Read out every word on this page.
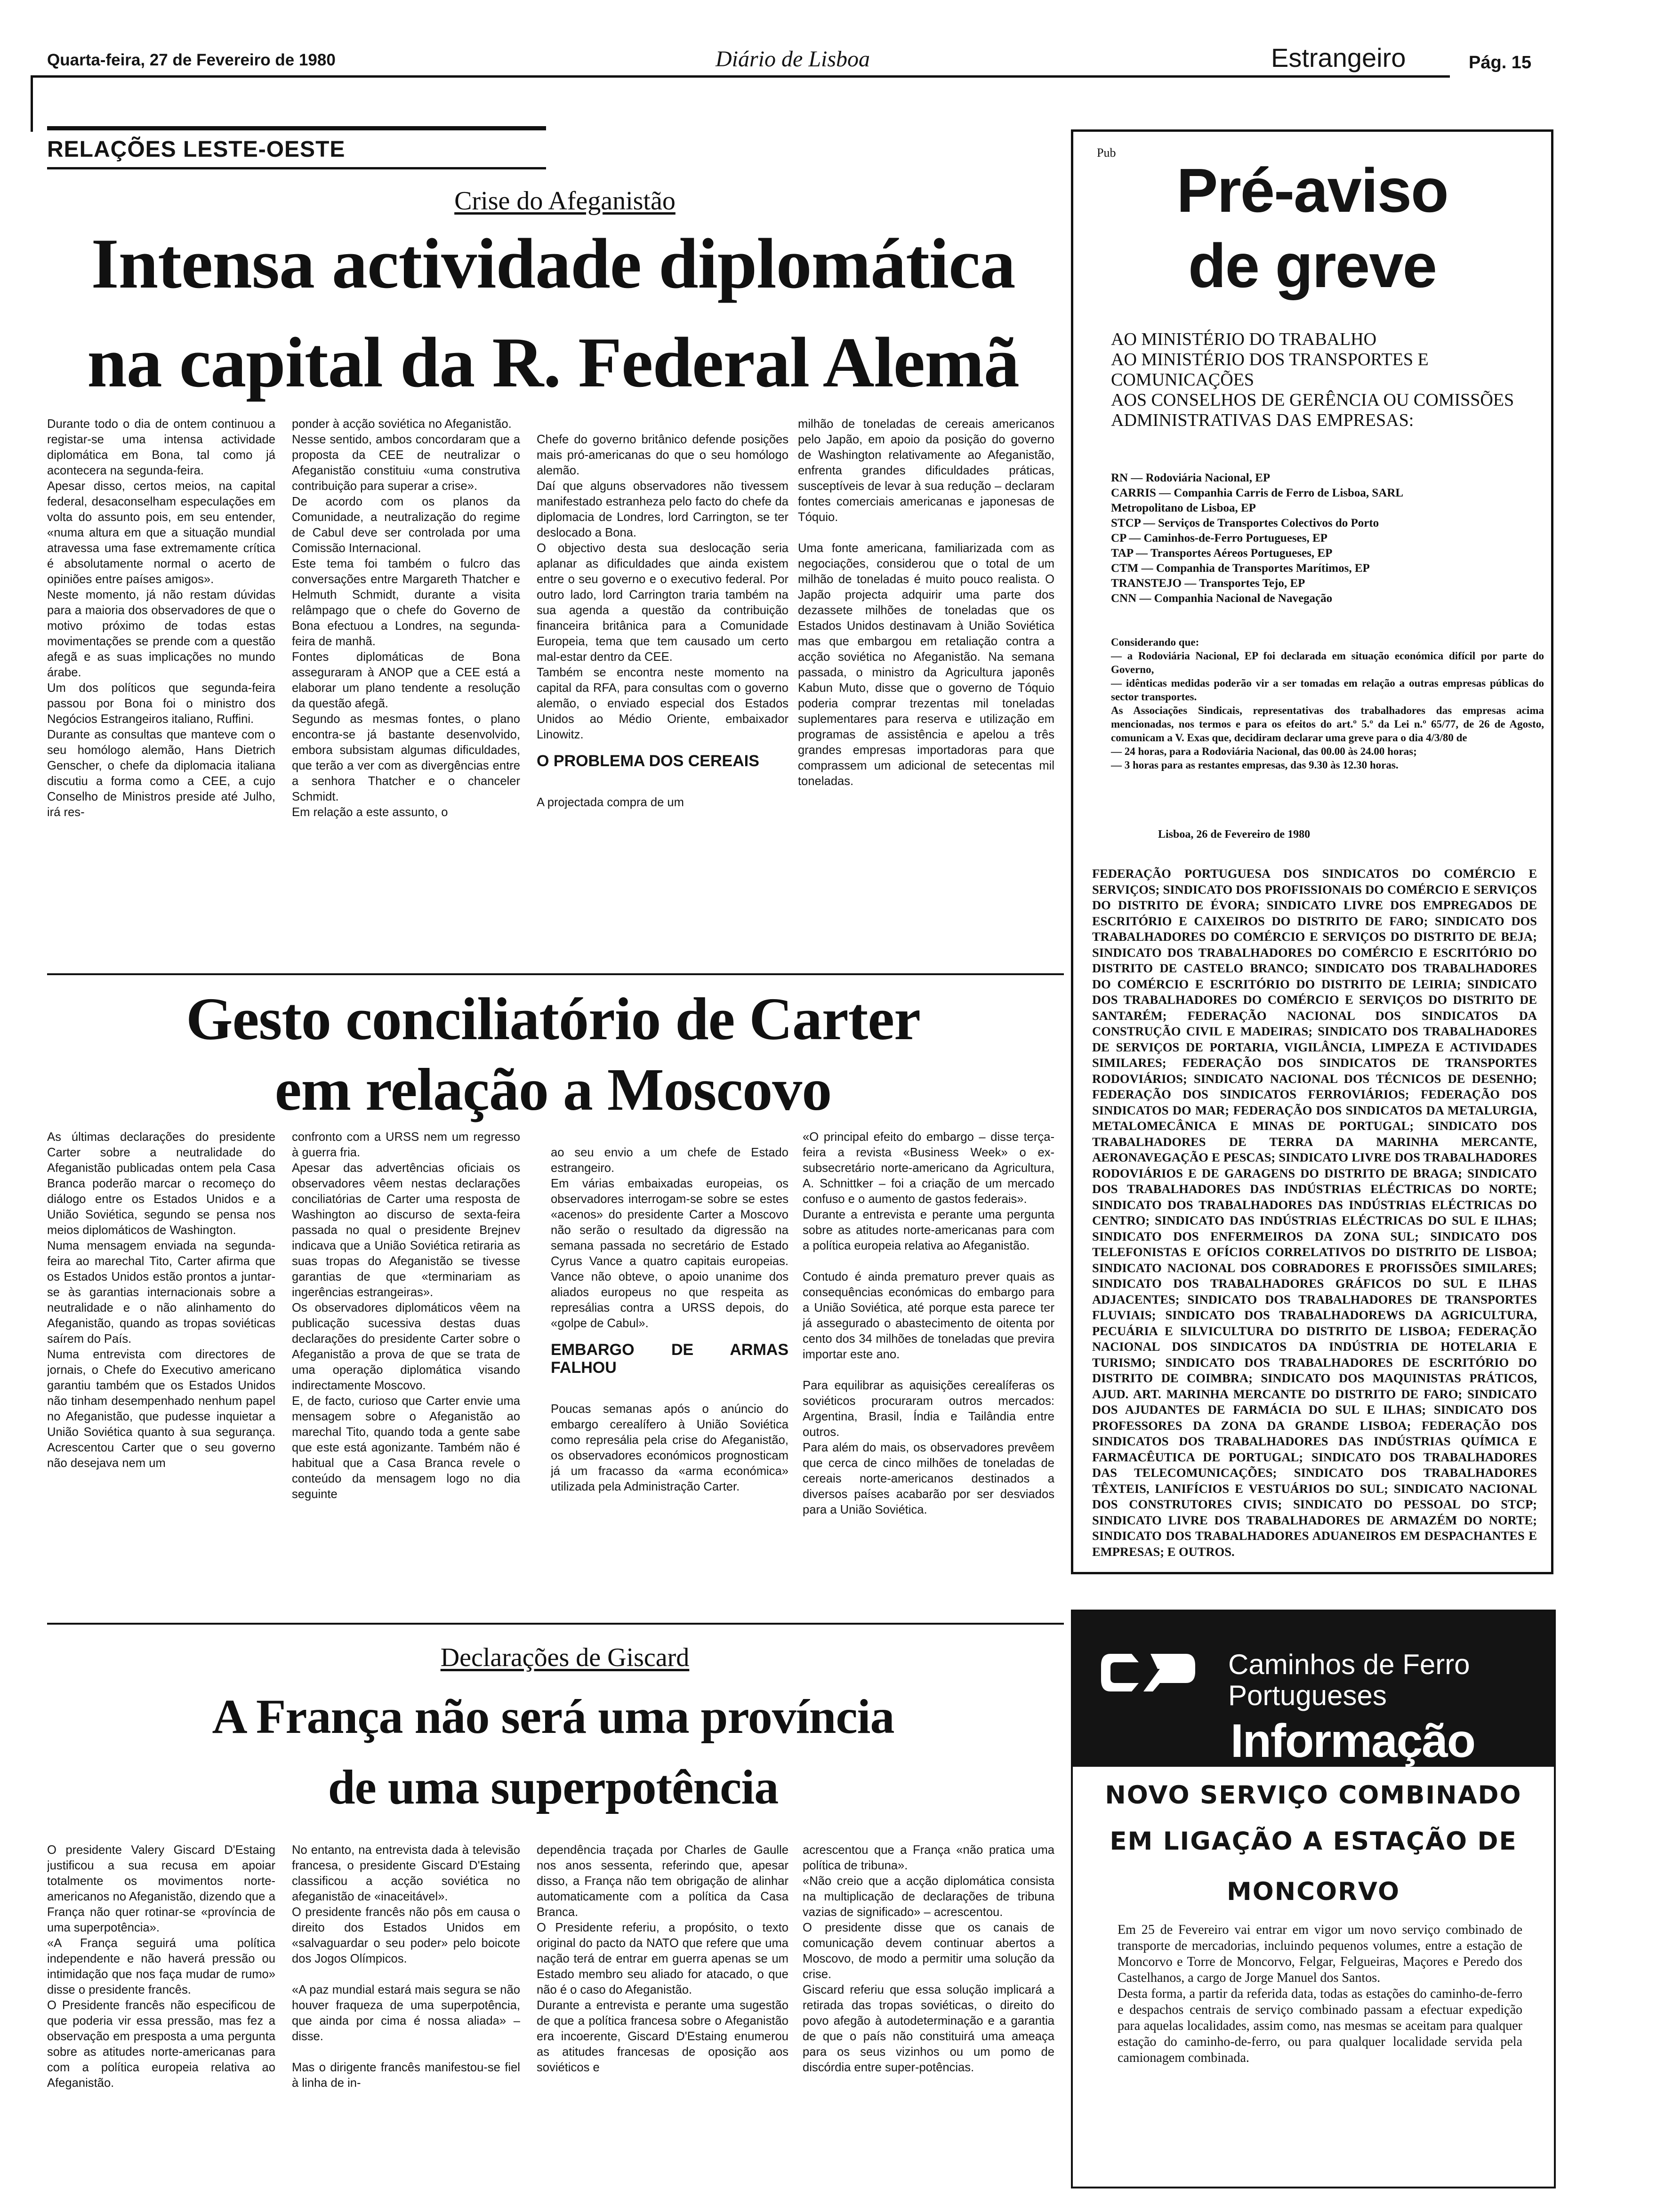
Quarta-feira, 27 de Fevereiro de 1980	Diário de Lisboa	Estrangeiro	Pág. 15
RELAÇÕES LESTE-OESTE
Crise do Afeganistão
Intensa actividade diplomática
na capital da R. Federal Alemã
Durante todo o dia de ontem continuou a registar-se uma intensa actividade diplomática em Bona, tal como já acontecera na segunda-feira.
Apesar disso, certos meios, na capital federal, desaconselham especulações em volta do assunto pois, em seu entender, «numa altura em que a situação mundial atravessa uma fase extremamente crítica é absolutamente normal o acerto de opiniões entre países amigos».
Neste momento, já não restam dúvidas para a maioria dos observadores de que o motivo próximo de todas estas movimentações se prende com a questão afegã e as suas implicações no mundo árabe.
Um dos políticos que segunda-feira passou por Bona foi o ministro dos Negócios Estrangeiros italiano, Ruffini.
Durante as consultas que manteve com o seu homólogo alemão, Hans Dietrich Genscher, o chefe da diplomacia italiana discutiu a forma como a CEE, a cujo Conselho de Ministros preside até Julho, irá res-
ponder à acção soviética no Afeganistão.
Nesse sentido, ambos concordaram que a proposta da CEE de neutralizar o Afeganistão constituiu «uma construtiva contribuição para superar a crise».
De acordo com os planos da Comunidade, a neutralização do regime de Cabul deve ser controlada por uma Comissão Internacional.
Este tema foi também o fulcro das conversações entre Margareth Thatcher e Helmuth Schmidt, durante a visita relâmpago que o chefe do Governo de Bona efectuou a Londres, na segunda-feira de manhã.
Fontes diplomáticas de Bona asseguraram à ANOP que a CEE está a elaborar um plano tendente a resolução da questão afegã.
Segundo as mesmas fontes, o plano encontra-se já bastante desenvolvido, embora subsistam algumas dificuldades, que terão a ver com as divergências entre a senhora Thatcher e o chanceler Schmidt.
Em relação a este assunto, o

Chefe do governo britânico defende posições mais pró-americanas do que o seu homólogo alemão.
Daí que alguns observadores não tivessem manifestado estranheza pelo facto do chefe da diplomacia de Londres, lord Carrington, se ter deslocado a Bona.
O objectivo desta sua deslocação seria aplanar as dificuldades que ainda existem entre o seu governo e o executivo federal. Por outro lado, lord Carrington traria também na sua agenda a questão da contribuição financeira britânica para a Comunidade Europeia, tema que tem causado um certo mal-estar dentro da CEE.
Também se encontra neste momento na capital da RFA, para consultas com o governo alemão, o enviado especial dos Estados Unidos ao Médio Oriente, embaixador Linowitz.

O PROBLEMA DOS CEREAIS

A projectada compra de um

milhão de toneladas de cereais americanos pelo Japão, em apoio da posição do governo de Washington relativamente ao Afeganistão, enfrenta grandes dificuldades práticas, susceptíveis de levar à sua redução – declaram fontes comerciais americanas e japonesas de Tóquio.

Uma fonte americana, familiarizada com as negociações, considerou que o total de um milhão de toneladas é muito pouco realista. O Japão projecta adquirir uma parte dos dezassete milhões de toneladas que os Estados Unidos destinavam à União Soviética mas que embargou em retaliação contra a acção soviética no Afeganistão. Na semana passada, o ministro da Agricultura japonês Kabun Muto, disse que o governo de Tóquio poderia comprar trezentas mil toneladas suplementares para reserva e utilização em programas de assistência e apelou a três grandes empresas importadoras para que comprassem um adicional de setecentas mil toneladas.
Gesto conciliatório de Carter
em relação a Moscovo
As últimas declarações do presidente Carter sobre a neutralidade do Afeganistão publicadas ontem pela Casa Branca poderão marcar o recomeço do diálogo entre os Estados Unidos e a União Soviética, segundo se pensa nos meios diplomáticos de Washington.
Numa mensagem enviada na segunda-feira ao marechal Tito, Carter afirma que os Estados Unidos estão prontos a juntar-se às garantias internacionais sobre a neutralidade e o não alinhamento do Afeganistão, quando as tropas soviéticas saírem do País.
Numa entrevista com directores de jornais, o Chefe do Executivo americano garantiu também que os Estados Unidos não tinham desempenhado nenhum papel no Afeganistão, que pudesse inquietar a União Soviética quanto à sua segurança. Acrescentou Carter que o seu governo não desejava nem um
confronto com a URSS nem um regresso à guerra fria.
Apesar das advertências oficiais os observadores vêem nestas declarações conciliatórias de Carter uma resposta de Washington ao discurso de sexta-feira passada no qual o presidente Brejnev indicava que a União Soviética retiraria as suas tropas do Afeganistão se tivesse garantias de que «terminariam as ingerências estrangeiras».
Os observadores diplomáticos vêem na publicação sucessiva destas duas declarações do presidente Carter sobre o Afeganistão a prova de que se trata de uma operação diplomática visando indirectamente Moscovo.
E, de facto, curioso que Carter envie uma mensagem sobre o Afeganistão ao marechal Tito, quando toda a gente sabe que este está agonizante. Também não é habitual que a Casa Branca revele o conteúdo da mensagem logo no dia seguinte

ao seu envio a um chefe de Estado estrangeiro.
Em várias embaixadas europeias, os observadores interrogam-se sobre se estes «acenos» do presidente Carter a Moscovo não serão o resultado da digressão na semana passada no secretário de Estado Cyrus Vance a quatro capitais europeias. Vance não obteve, o apoio unanime dos aliados europeus no que respeita as represálias contra a URSS depois, do «golpe de Cabul».

EMBARGO DE ARMAS FALHOU

Poucas semanas após o anúncio do embargo cerealífero à União Soviética como represália pela crise do Afeganistão, os observadores económicos prognosticam já um fracasso da «arma económica» utilizada pela Administração Carter.

«O principal efeito do embargo – disse terça-feira a revista «Business Week» o ex-subsecretário norte-americano da Agricultura, A. Schnittker – foi a criação de um mercado confuso e o aumento de gastos federais».
Durante a entrevista e perante uma pergunta sobre as atitudes norte-americanas para com a política europeia relativa ao Afeganistão.

Contudo é ainda prematuro prever quais as consequências económicas do embargo para a União Soviética, até porque esta parece ter já assegurado o abastecimento de oitenta por cento dos 34 milhões de toneladas que previra importar este ano.

Para equilibrar as aquisições cerealíferas os soviéticos procuraram outros mercados: Argentina, Brasil, Índia e Tailândia entre outros.
Para além do mais, os observadores prevêem que cerca de cinco milhões de toneladas de cereais norte-americanos destinados a diversos países acabarão por ser desviados para a União Soviética.
Declarações de Giscard
A França não será uma província
de uma superpotência
O presidente Valery Giscard D'Estaing justificou a sua recusa em apoiar totalmente os movimentos norte-americanos no Afeganistão, dizendo que a França não quer rotinar-se «província de uma superpotência».
«A França seguirá uma política independente e não haverá pressão ou intimidação que nos faça mudar de rumo» disse o presidente francês.
O Presidente francês não especificou de que poderia vir essa pressão, mas fez a observação em presposta a uma pergunta sobre as atitudes norte-americanas para com a política europeia relativa ao Afeganistão.
No entanto, na entrevista dada à televisão francesa, o presidente Giscard D'Estaing classificou a acção soviética no afeganistão de «inaceitável».
O presidente francês não pôs em causa o direito dos Estados Unidos em «salvaguardar o seu poder» pelo boicote dos Jogos Olímpicos.

«A paz mundial estará mais segura se não houver fraqueza de uma superpotência, que ainda por cima é nossa aliada» – disse.

Mas o dirigente francês manifestou-se fiel à linha de in-
dependência traçada por Charles de Gaulle nos anos sessenta, referindo que, apesar disso, a França não tem obrigação de alinhar automaticamente com a política da Casa Branca.
O Presidente referiu, a propósito, o texto original do pacto da NATO que refere que uma nação terá de entrar em guerra apenas se um Estado membro seu aliado for atacado, o que não é o caso do Afeganistão.
Durante a entrevista e perante uma sugestão de que a política francesa sobre o Afeganistão era incoerente, Giscard D'Estaing enumerou as atitudes francesas de oposição aos soviéticos e
acrescentou que a França «não pratica uma política de tribuna».
«Não creio que a acção diplomática consista na multiplicação de declarações de tribuna vazias de significado» – acrescentou.
O presidente disse que os canais de comunicação devem continuar abertos a Moscovo, de modo a permitir uma solução da crise.
Giscard referiu que essa solução implicará a retirada das tropas soviéticas, o direito do povo afegão à autodeterminação e a garantia de que o país não constituirá uma ameaça para os seus vizinhos ou um pomo de discórdia entre super-potências.
Pub
Pré-aviso
de greve
AO MINISTÉRIO DO TRABALHO
AO MINISTÉRIO DOS TRANSPORTES E COMUNICAÇÕES
AOS CONSELHOS DE GERÊNCIA OU COMISSÕES ADMINISTRATIVAS DAS EMPRESAS:
RN — Rodoviária Nacional, EP
CARRIS — Companhia Carris de Ferro de Lisboa, SARL
Metropolitano de Lisboa, EP
STCP — Serviços de Transportes Colectivos do Porto
CP — Caminhos-de-Ferro Portugueses, EP
TAP — Transportes Aéreos Portugueses, EP
CTM — Companhia de Transportes Marítimos, EP
TRANSTEJO — Transportes Tejo, EP
CNN — Companhia Nacional de Navegação
Considerando que:
— a Rodoviária Nacional, EP foi declarada em situação económica difícil por parte do Governo,
— idênticas medidas poderão vir a ser tomadas em relação a outras empresas públicas do sector transportes.
As Associações Sindicais, representativas dos trabalhadores das empresas acima mencionadas, nos termos e para os efeitos do art.º 5.º da Lei n.º 65/77, de 26 de Agosto, comunicam a V. Exas que, decidiram declarar uma greve para o dia 4/3/80 de
— 24 horas, para a Rodoviária Nacional, das 00.00 às 24.00 horas;
— 3 horas para as restantes empresas, das 9.30 às 12.30 horas.
Lisboa, 26 de Fevereiro de 1980
FEDERAÇÃO PORTUGUESA DOS SINDICATOS DO COMÉRCIO E SERVIÇOS; SINDICATO DOS PROFISSIONAIS DO COMÉRCIO E SERVIÇOS DO DISTRITO DE ÉVORA; SINDICATO LIVRE DOS EMPREGADOS DE ESCRITÓRIO E CAIXEIROS DO DISTRITO DE FARO; SINDICATO DOS TRABALHADORES DO COMÉRCIO E SERVIÇOS DO DISTRITO DE BEJA; SINDICATO DOS TRABALHADORES DO COMÉRCIO E ESCRITÓRIO DO DISTRITO DE CASTELO BRANCO; SINDICATO DOS TRABALHADORES DO COMÉRCIO E ESCRITÓRIO DO DISTRITO DE LEIRIA; SINDICATO DOS TRABALHADORES DO COMÉRCIO E SERVIÇOS DO DISTRITO DE SANTARÉM; FEDERAÇÃO NACIONAL DOS SINDICATOS DA CONSTRUÇÃO CIVIL E MADEIRAS; SINDICATO DOS TRABALHADORES DE SERVIÇOS DE PORTARIA, VIGILÂNCIA, LIMPEZA E ACTIVIDADES SIMILARES; FEDERAÇÃO DOS SINDICATOS DE TRANSPORTES RODOVIÁRIOS; SINDICATO NACIONAL DOS TÉCNICOS DE DESENHO; FEDERAÇÃO DOS SINDICATOS FERROVIÁRIOS; FEDERAÇÃO DOS SINDICATOS DO MAR; FEDERAÇÃO DOS SINDICATOS DA METALURGIA, METALOMECÂNICA E MINAS DE PORTUGAL; SINDICATO DOS TRABALHADORES DE TERRA DA MARINHA MERCANTE, AERONAVEGAÇÃO E PESCAS; SINDICATO LIVRE DOS TRABALHADORES RODOVIÁRIOS E DE GARAGENS DO DISTRITO DE BRAGA; SINDICATO DOS TRABALHADORES DAS INDÚSTRIAS ELÉCTRICAS DO NORTE; SINDICATO DOS TRABALHADORES DAS INDÚSTRIAS ELÉCTRICAS DO CENTRO; SINDICATO DAS INDÚSTRIAS ELÉCTRICAS DO SUL E ILHAS; SINDICATO DOS ENFERMEIROS DA ZONA SUL; SINDICATO DOS TELEFONISTAS E OFÍCIOS CORRELATIVOS DO DISTRITO DE LISBOA; SINDICATO NACIONAL DOS COBRADORES E PROFISSÕES SIMILARES; SINDICATO DOS TRABALHADORES GRÁFICOS DO SUL E ILHAS ADJACENTES; SINDICATO DOS TRABALHADORES DE TRANSPORTES FLUVIAIS; SINDICATO DOS TRABALHADOREWS DA AGRICULTURA, PECUÁRIA E SILVICULTURA DO DISTRITO DE LISBOA; FEDERAÇÃO NACIONAL DOS SINDICATOS DA INDÚSTRIA DE HOTELARIA E TURISMO; SINDICATO DOS TRABALHADORES DE ESCRITÓRIO DO DISTRITO DE COIMBRA; SINDICATO DOS MAQUINISTAS PRÁTICOS, AJUD. ART. MARINHA MERCANTE DO DISTRITO DE FARO; SINDICATO DOS AJUDANTES DE FARMÁCIA DO SUL E ILHAS; SINDICATO DOS PROFESSORES DA ZONA DA GRANDE LISBOA; FEDERAÇÃO DOS SINDICATOS DOS TRABALHADORES DAS INDÚSTRIAS QUÍMICA E FARMACÊUTICA DE PORTUGAL; SINDICATO DOS TRABALHADORES DAS TELECOMUNICAÇÕES; SINDICATO DOS TRABALHADORES TÊXTEIS, LANIFÍCIOS E VESTUÁRIOS DO SUL; SINDICATO NACIONAL DOS CONSTRUTORES CIVIS; SINDICATO DO PESSOAL DO STCP; SINDICATO LIVRE DOS TRABALHADORES DE ARMAZÉM DO NORTE; SINDICATO DOS TRABALHADORES ADUANEIROS EM DESPACHANTES E EMPRESAS; E OUTROS.
Caminhos de Ferro
Portugueses
Informação
NOVO SERVIÇO COMBINADO
EM LIGAÇÃO A ESTAÇÃO DE
MONCORVO
Em 25 de Fevereiro vai entrar em vigor um novo serviço combinado de transporte de mercadorias, incluindo pequenos volumes, entre a estação de Moncorvo e Torre de Moncorvo, Felgar, Felgueiras, Maçores e Peredo dos Castelhanos, a cargo de Jorge Manuel dos Santos.
Desta forma, a partir da referida data, todas as estações do caminho-de-ferro e despachos centrais de serviço combinado passam a efectuar expedição para aquelas localidades, assim como, nas mesmas se aceitam para qualquer estação do caminho-de-ferro, ou para qualquer localidade servida pela camionagem combinada.
